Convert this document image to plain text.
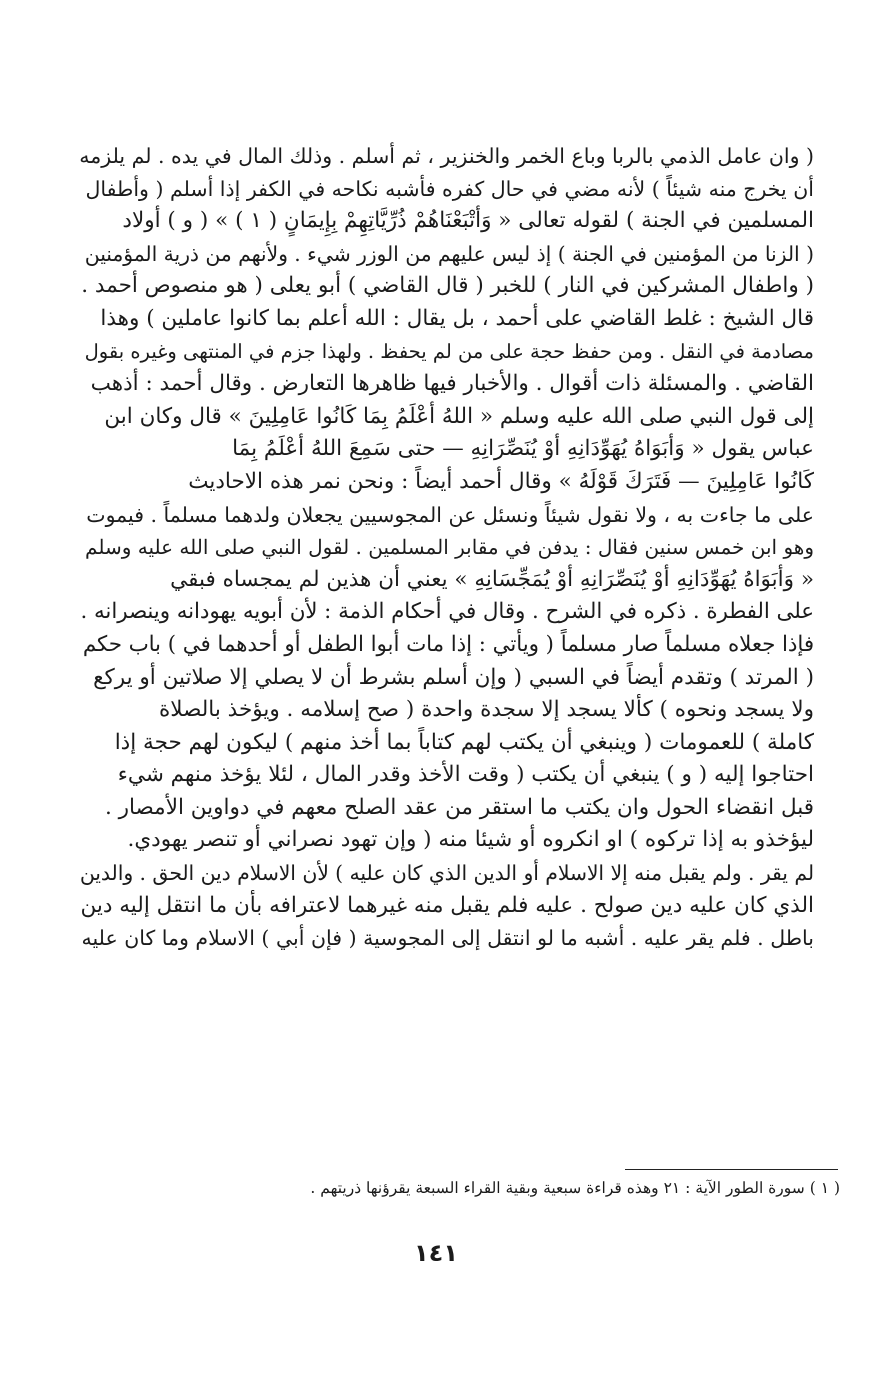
( وان عامل الذمي بالربا وباع الخمر والخنزير ، ثم أسلم . وذلك المال في يده . لم يلزمه
أن يخرج منه شيئاً ) لأنه مضي في حال كفره فأشبه نكاحه في الكفر إذا أسلم ( وأطفال
المسلمين في الجنة ) لقوله تعالى « وَأَتْبَعْنَاهُمْ ذُرِّيَّاتِهِمْ بِإِيمَانٍ ( ١ ) » ( و ) أولاد
( الزنا من المؤمنين في الجنة ) إذ ليس عليهم من الوزر شيء . ولأنهم من ذرية المؤمنين
( واطفال المشركين في النار ) للخبر ( قال القاضي ) أبو يعلى ( هو منصوص أحمد .
قال الشيخ : غلط القاضي على أحمد ، بل يقال : الله أعلم بما كانوا عاملين ) وهذا
مصادمة في النقل . ومن حفظ حجة على من لم يحفظ . ولهذا جزم في المنتهى وغيره بقول
القاضي . والمسئلة ذات أقوال . والأخبار فيها ظاهرها التعارض . وقال أحمد : أذهب
إلى قول النبي صلى الله عليه وسلم « اللهُ أَعْلَمُ بِمَا كَانُوا عَامِلِينَ » قال وكان ابن
عباس يقول « وَأَبَوَاهُ يُهَوِّدَانِهِ أَوْ يُنَصِّرَانِهِ — حتى سَمِعَ اللهُ أَعْلَمُ بِمَا
كَانُوا عَامِلِينَ — فَتَرَكَ قَوْلَهُ » وقال أحمد أيضاً : ونحن نمر هذه الاحاديث
على ما جاءت به ، ولا نقول شيئاً ونسئل عن المجوسيين يجعلان ولدهما مسلماً . فيموت
وهو ابن خمس سنين فقال : يدفن في مقابر المسلمين . لقول النبي صلى الله عليه وسلم
« وَأَبَوَاهُ يُهَوِّدَانِهِ أَوْ يُنَصِّرَانِهِ أَوْ يُمَجِّسَانِهِ » يعني أن هذين لم يمجساه فبقي
على الفطرة . ذكره في الشرح . وقال في أحكام الذمة : لأن أبويه يهودانه وينصرانه .
فإذا جعلاه مسلماً صار مسلماً ( ويأتي : إذا مات أبوا الطفل أو أحدهما في ) باب حكم
( المرتد ) وتقدم أيضاً في السبي ( وإن أسلم بشرط أن لا يصلي إلا صلاتين أو يركع
ولا يسجد ونحوه ) كألا يسجد إلا سجدة واحدة ( صح إسلامه . ويؤخذ بالصلاة
كاملة ) للعمومات ( وينبغي أن يكتب لهم كتاباً بما أخذ منهم ) ليكون لهم حجة إذا
احتاجوا إليه ( و ) ينبغي أن يكتب ( وقت الأخذ وقدر المال ، لئلا يؤخذ منهم شيء
قبل انقضاء الحول وان يكتب ما استقر من عقد الصلح معهم في دواوين الأمصار .
ليؤخذو به إذا تركوه ) او انكروه أو شيئا منه ( وإن تهود نصراني أو تنصر يهودي.
لم يقر . ولم يقبل منه إلا الاسلام أو الدين الذي كان عليه ) لأن الاسلام دين الحق . والدين
الذي كان عليه دين صولح . عليه فلم يقبل منه غيرهما لاعترافه بأن ما انتقل إليه دين
باطل . فلم يقر عليه . أشبه ما لو انتقل إلى المجوسية ( فإن أبي ) الاسلام وما كان عليه

( ١ ) سورة الطور الآية : ٢١ وهذه قراءة سبعية وبقية القراء السبعة يقرؤنها ذريتهم .

١٤١
